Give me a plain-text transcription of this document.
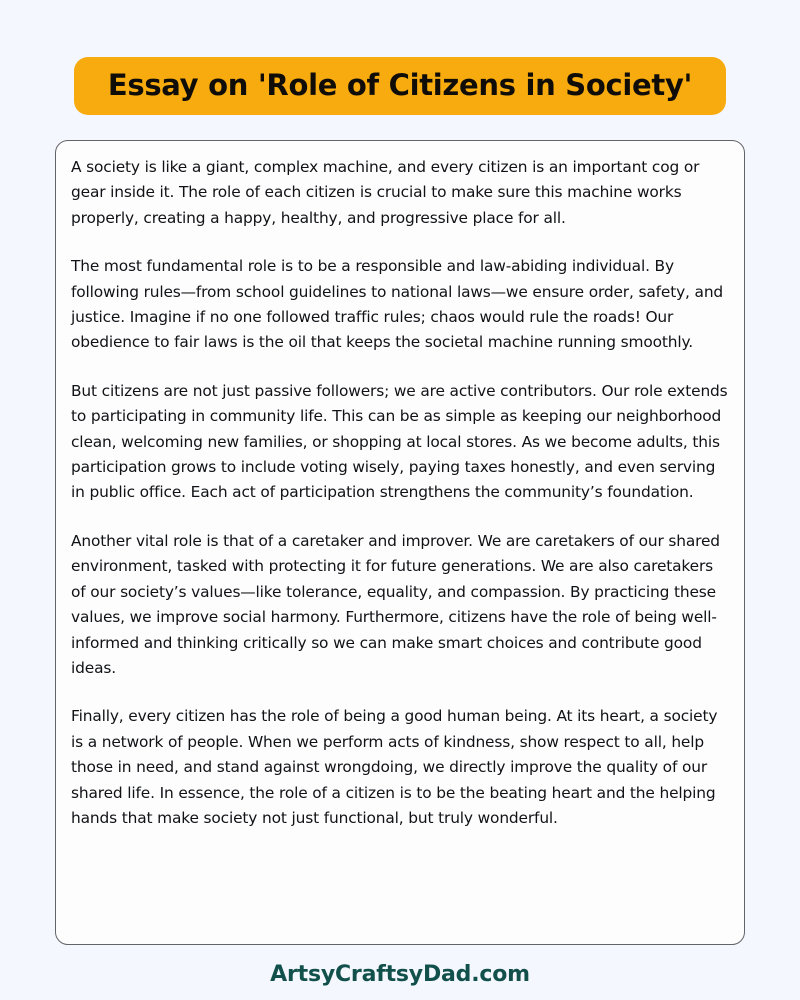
Essay on 'Role of Citizens in Society'

A society is like a giant, complex machine, and every citizen is an important cog or gear inside it. The role of each citizen is crucial to make sure this machine works properly, creating a happy, healthy, and progressive place for all.

The most fundamental role is to be a responsible and law-abiding individual. By following rules—from school guidelines to national laws—we ensure order, safety, and justice. Imagine if no one followed traffic rules; chaos would rule the roads! Our obedience to fair laws is the oil that keeps the societal machine running smoothly.

But citizens are not just passive followers; we are active contributors. Our role extends to participating in community life. This can be as simple as keeping our neighborhood clean, welcoming new families, or shopping at local stores. As we become adults, this participation grows to include voting wisely, paying taxes honestly, and even serving in public office. Each act of participation strengthens the community’s foundation.

Another vital role is that of a caretaker and improver. We are caretakers of our shared environment, tasked with protecting it for future generations. We are also caretakers of our society’s values—like tolerance, equality, and compassion. By practicing these values, we improve social harmony. Furthermore, citizens have the role of being well-informed and thinking critically so we can make smart choices and contribute good ideas.

Finally, every citizen has the role of being a good human being. At its heart, a society is a network of people. When we perform acts of kindness, show respect to all, help those in need, and stand against wrongdoing, we directly improve the quality of our shared life. In essence, the role of a citizen is to be the beating heart and the helping hands that make society not just functional, but truly wonderful.

ArtsyCraftsyDad.com
